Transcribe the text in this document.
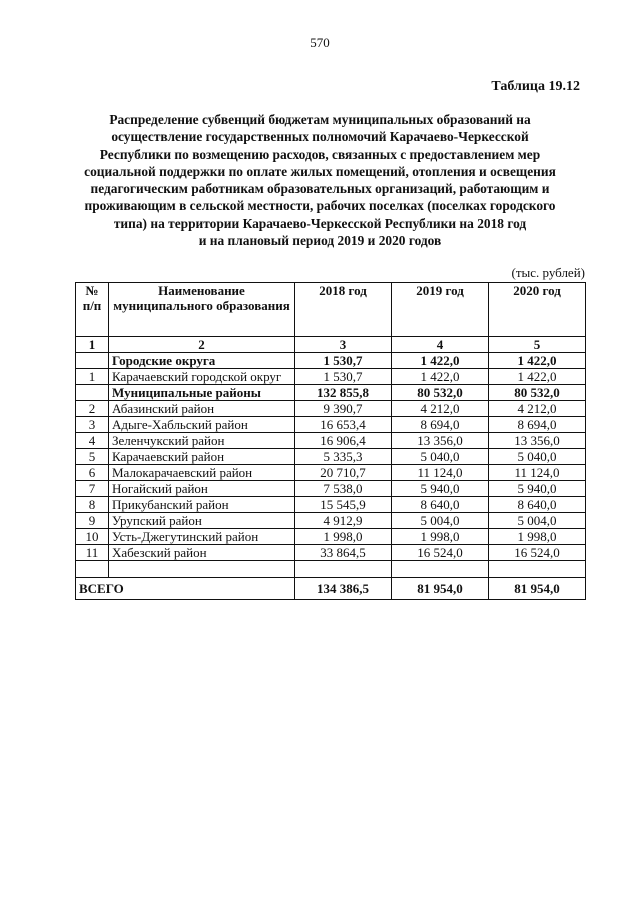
570
Таблица 19.12
Распределение субвенций бюджетам муниципальных образований на
осуществление государственных полномочий Карачаево-Черкесской
Республики по возмещению расходов, связанных с предоставлением мер
социальной поддержки по оплате жилых помещений, отопления и освещения
педагогическим работникам образовательных организаций, работающим и
проживающим в сельской местности, рабочих поселках (поселках городского
типа) на территории Карачаево-Черкесской Республики на 2018 год
и на плановый период 2019 и 2020 годов
(тыс. рублей)
№ п/п	Наименование муниципального образования	2018 год	2019 год	2020 год
1	2	3	4	5
	Городские округа	1 530,7	1 422,0	1 422,0
1	Карачаевский городской округ	1 530,7	1 422,0	1 422,0
	Муниципальные районы	132 855,8	80 532,0	80 532,0
2	Абазинский район	9 390,7	4 212,0	4 212,0
3	Адыге-Хабльский район	16 653,4	8 694,0	8 694,0
4	Зеленчукский район	16 906,4	13 356,0	13 356,0
5	Карачаевский район	5 335,3	5 040,0	5 040,0
6	Малокарачаевский район	20 710,7	11 124,0	11 124,0
7	Ногайский район	7 538,0	5 940,0	5 940,0
8	Прикубанский район	15 545,9	8 640,0	8 640,0
9	Урупский район	4 912,9	5 004,0	5 004,0
10	Усть-Джегутинский район	1 998,0	1 998,0	1 998,0
11	Хабезский район	33 864,5	16 524,0	16 524,0

ВСЕГО		134 386,5	81 954,0	81 954,0
